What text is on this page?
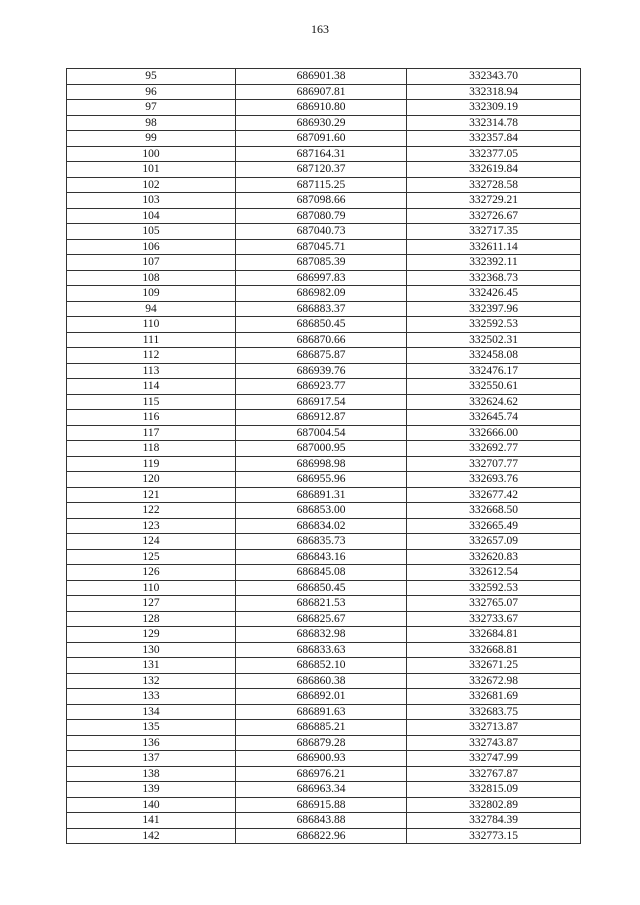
163
95	686901.38	332343.70
96	686907.81	332318.94
97	686910.80	332309.19
98	686930.29	332314.78
99	687091.60	332357.84
100	687164.31	332377.05
101	687120.37	332619.84
102	687115.25	332728.58
103	687098.66	332729.21
104	687080.79	332726.67
105	687040.73	332717.35
106	687045.71	332611.14
107	687085.39	332392.11
108	686997.83	332368.73
109	686982.09	332426.45
94	686883.37	332397.96
110	686850.45	332592.53
111	686870.66	332502.31
112	686875.87	332458.08
113	686939.76	332476.17
114	686923.77	332550.61
115	686917.54	332624.62
116	686912.87	332645.74
117	687004.54	332666.00
118	687000.95	332692.77
119	686998.98	332707.77
120	686955.96	332693.76
121	686891.31	332677.42
122	686853.00	332668.50
123	686834.02	332665.49
124	686835.73	332657.09
125	686843.16	332620.83
126	686845.08	332612.54
110	686850.45	332592.53
127	686821.53	332765.07
128	686825.67	332733.67
129	686832.98	332684.81
130	686833.63	332668.81
131	686852.10	332671.25
132	686860.38	332672.98
133	686892.01	332681.69
134	686891.63	332683.75
135	686885.21	332713.87
136	686879.28	332743.87
137	686900.93	332747.99
138	686976.21	332767.87
139	686963.34	332815.09
140	686915.88	332802.89
141	686843.88	332784.39
142	686822.96	332773.15
